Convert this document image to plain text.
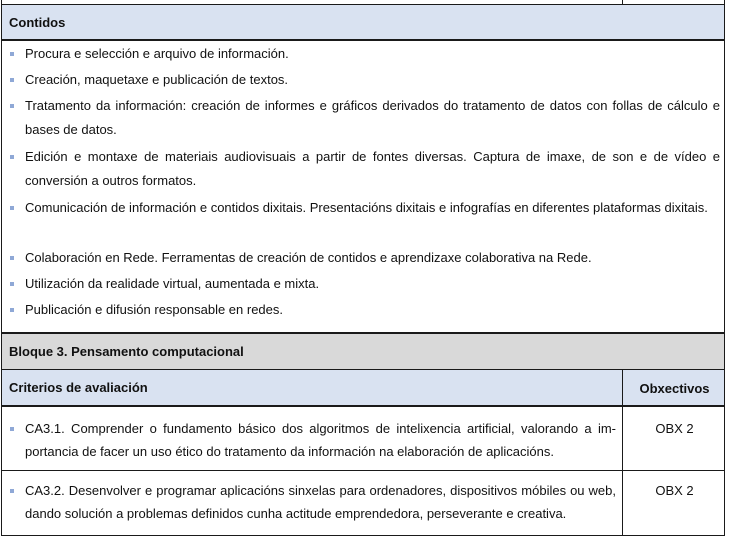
Contidos
Procura e selección e arquivo de información.
Creación, maquetaxe e publicación de textos.
Tratamento da información: creación de informes e gráficos derivados do tratamento de datos con follas de cálculo e bases de datos.
Edición e montaxe de materiais audiovisuais a partir de fontes diversas. Captura de imaxe, de son e de vídeo e conversión a outros formatos.
Comunicación de información e contidos dixitais. Presentacións dixitais e infografías en diferentes plataformas dixitais.
Colaboración en Rede. Ferramentas de creación de contidos e aprendizaxe colaborativa na Rede.
Utilización da realidade virtual, aumentada e mixta.
Publicación e difusión responsable en redes.
Bloque 3. Pensamento computacional
Criterios de avaliación	Obxectivos
CA3.1. Comprender o fundamento básico dos algoritmos de intelixencia artificial, valorando a importancia de facer un uso ético do tratamento da información na elaboración de aplicacións.
OBX 2
CA3.2. Desenvolver e programar aplicacións sinxelas para ordenadores, dispositivos móbiles ou web, dando solución a problemas definidos cunha actitude emprendedora, perseverante e creativa.
OBX 2
